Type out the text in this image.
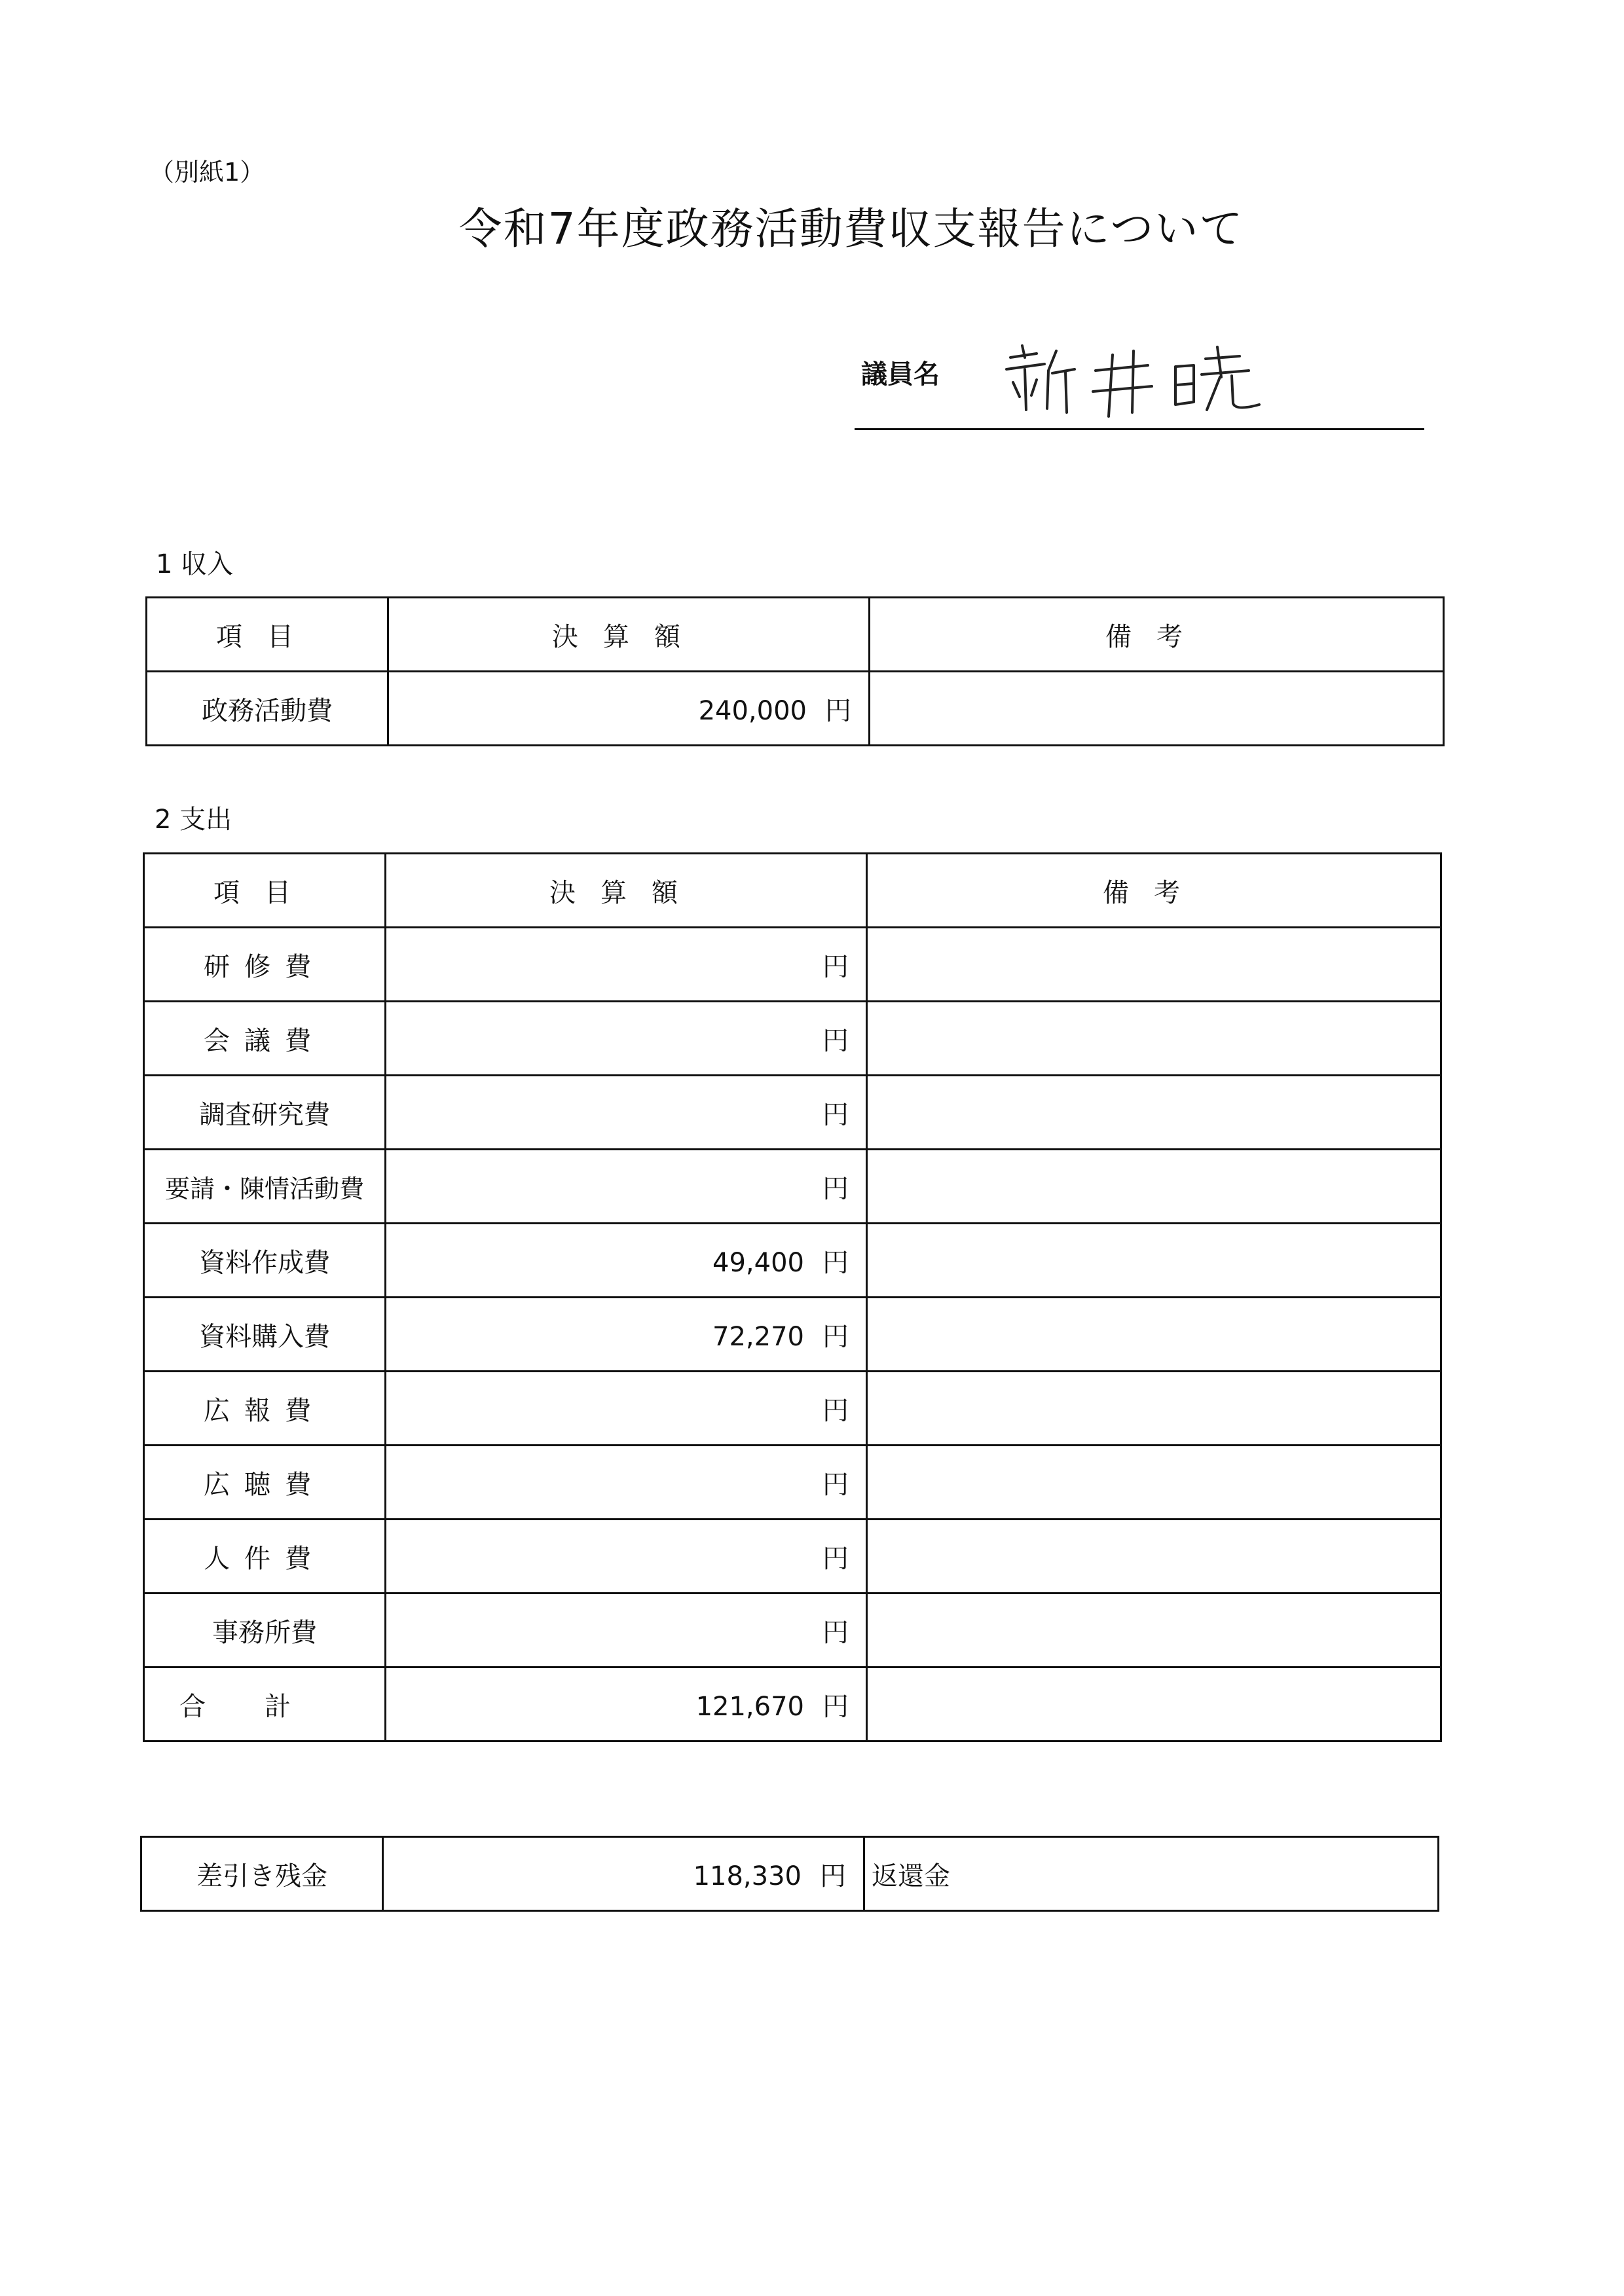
（別紙1）
令和7年度政務活動費収支報告について
議員名
1 収入
項目	決算額	備考
政務活動費	240,000 円	
2 支出
項目	決算額	備考
研修費	円	
会議費	円	
調査研究費	円	
要請・陳情活動費	円	
資料作成費	49,400 円	
資料購入費	72,270 円	
広報費	円	
広聴費	円	
人件費	円	
事務所費	円	
合計	121,670 円	
差引き残金	118,330 円	返還金
